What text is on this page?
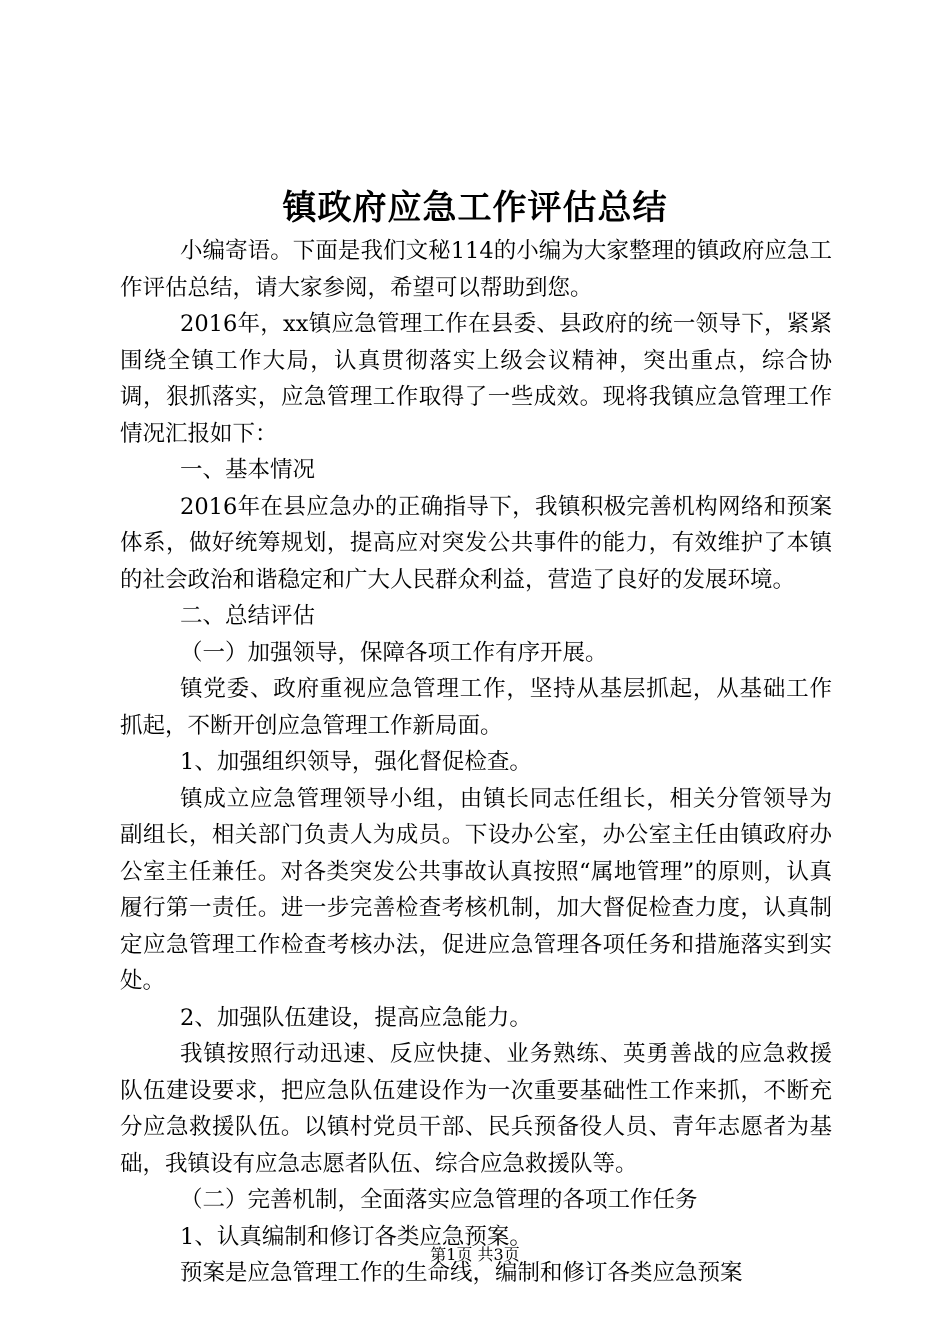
镇政府应急工作评估总结

小编寄语。下面是我们文秘114的小编为大家整理的镇政府应急工作评估总结，请大家参阅，希望可以帮助到您。

2016年，xx镇应急管理工作在县委、县政府的统一领导下，紧紧围绕全镇工作大局，认真贯彻落实上级会议精神，突出重点，综合协调，狠抓落实，应急管理工作取得了一些成效。现将我镇应急管理工作情况汇报如下：

一、基本情况

2016年在县应急办的正确指导下，我镇积极完善机构网络和预案体系，做好统筹规划，提高应对突发公共事件的能力，有效维护了本镇的社会政治和谐稳定和广大人民群众利益，营造了良好的发展环境。

二、总结评估

（一）加强领导，保障各项工作有序开展。

镇党委、政府重视应急管理工作，坚持从基层抓起，从基础工作抓起，不断开创应急管理工作新局面。

1、加强组织领导，强化督促检查。

镇成立应急管理领导小组，由镇长同志任组长，相关分管领导为副组长，相关部门负责人为成员。下设办公室，办公室主任由镇政府办公室主任兼任。对各类突发公共事故认真按照“属地管理”的原则，认真履行第一责任。进一步完善检查考核机制，加大督促检查力度，认真制定应急管理工作检查考核办法，促进应急管理各项任务和措施落实到实处。

2、加强队伍建设，提高应急能力。

我镇按照行动迅速、反应快捷、业务熟练、英勇善战的应急救援队伍建设要求，把应急队伍建设作为一次重要基础性工作来抓，不断充分应急救援队伍。以镇村党员干部、民兵预备役人员、青年志愿者为基础，我镇设有应急志愿者队伍、综合应急救援队等。

（二）完善机制，全面落实应急管理的各项工作任务

1、认真编制和修订各类应急预案。

预案是应急管理工作的生命线，编制和修订各类应急预案

第1页 共3页
